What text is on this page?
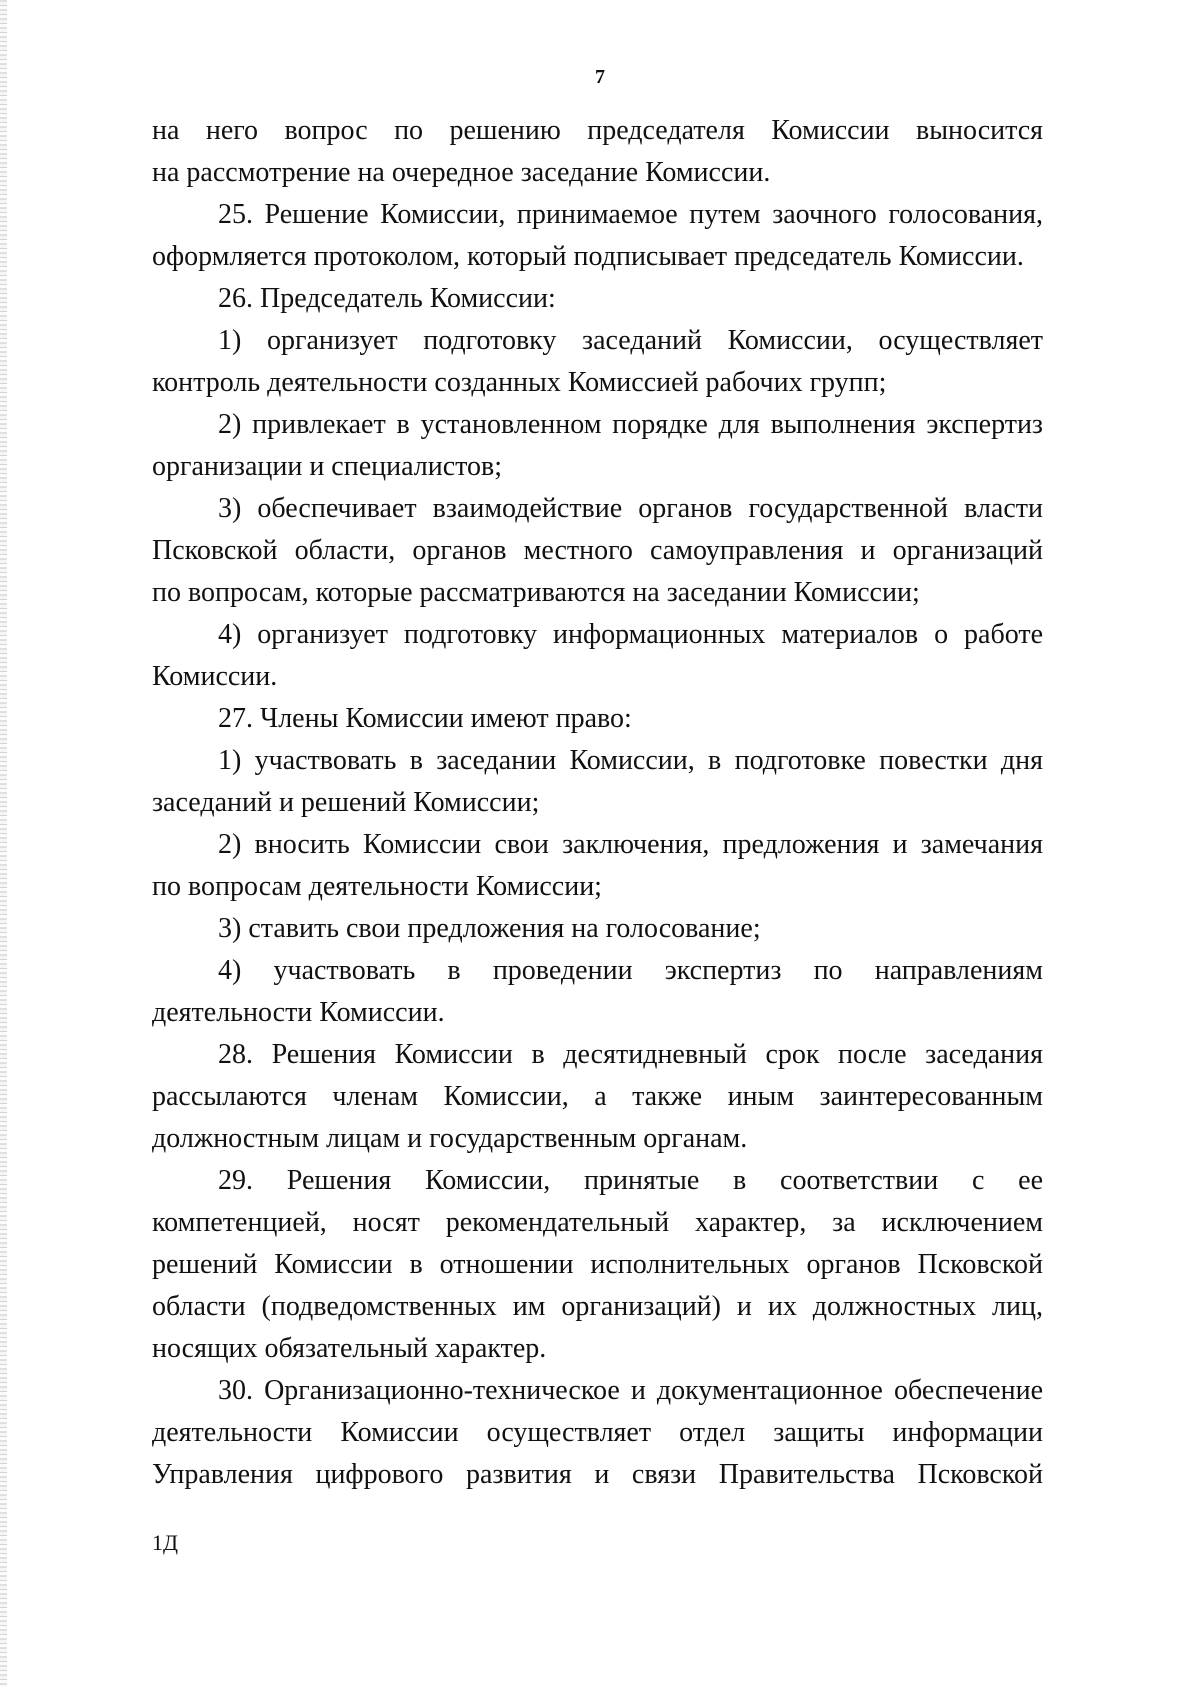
7
на него вопрос по решению председателя Комиссии выносится
на рассмотрение на очередное заседание Комиссии.
25. Решение Комиссии, принимаемое путем заочного голосования,
оформляется протоколом, который подписывает председатель Комиссии.
26. Председатель Комиссии:
1) организует подготовку заседаний Комиссии, осуществляет
контроль деятельности созданных Комиссией рабочих групп;
2) привлекает в установленном порядке для выполнения экспертиз
организации и специалистов;
3) обеспечивает взаимодействие органов государственной власти
Псковской области, органов местного самоуправления и организаций
по вопросам, которые рассматриваются на заседании Комиссии;
4) организует подготовку информационных материалов о работе
Комиссии.
27. Члены Комиссии имеют право:
1) участвовать в заседании Комиссии, в подготовке повестки дня
заседаний и решений Комиссии;
2) вносить Комиссии свои заключения, предложения и замечания
по вопросам деятельности Комиссии;
3) ставить свои предложения на голосование;
4) участвовать в проведении экспертиз по направлениям
деятельности Комиссии.
28. Решения Комиссии в десятидневный срок после заседания
рассылаются членам Комиссии, а также иным заинтересованным
должностным лицам и государственным органам.
29. Решения Комиссии, принятые в соответствии с ее
компетенцией, носят рекомендательный характер, за исключением
решений Комиссии в отношении исполнительных органов Псковской
области (подведомственных им организаций) и их должностных лиц,
носящих обязательный характер.
30. Организационно-техническое и документационное обеспечение
деятельности Комиссии осуществляет отдел защиты информации
Управления цифрового развития и связи Правительства Псковской
1Д
